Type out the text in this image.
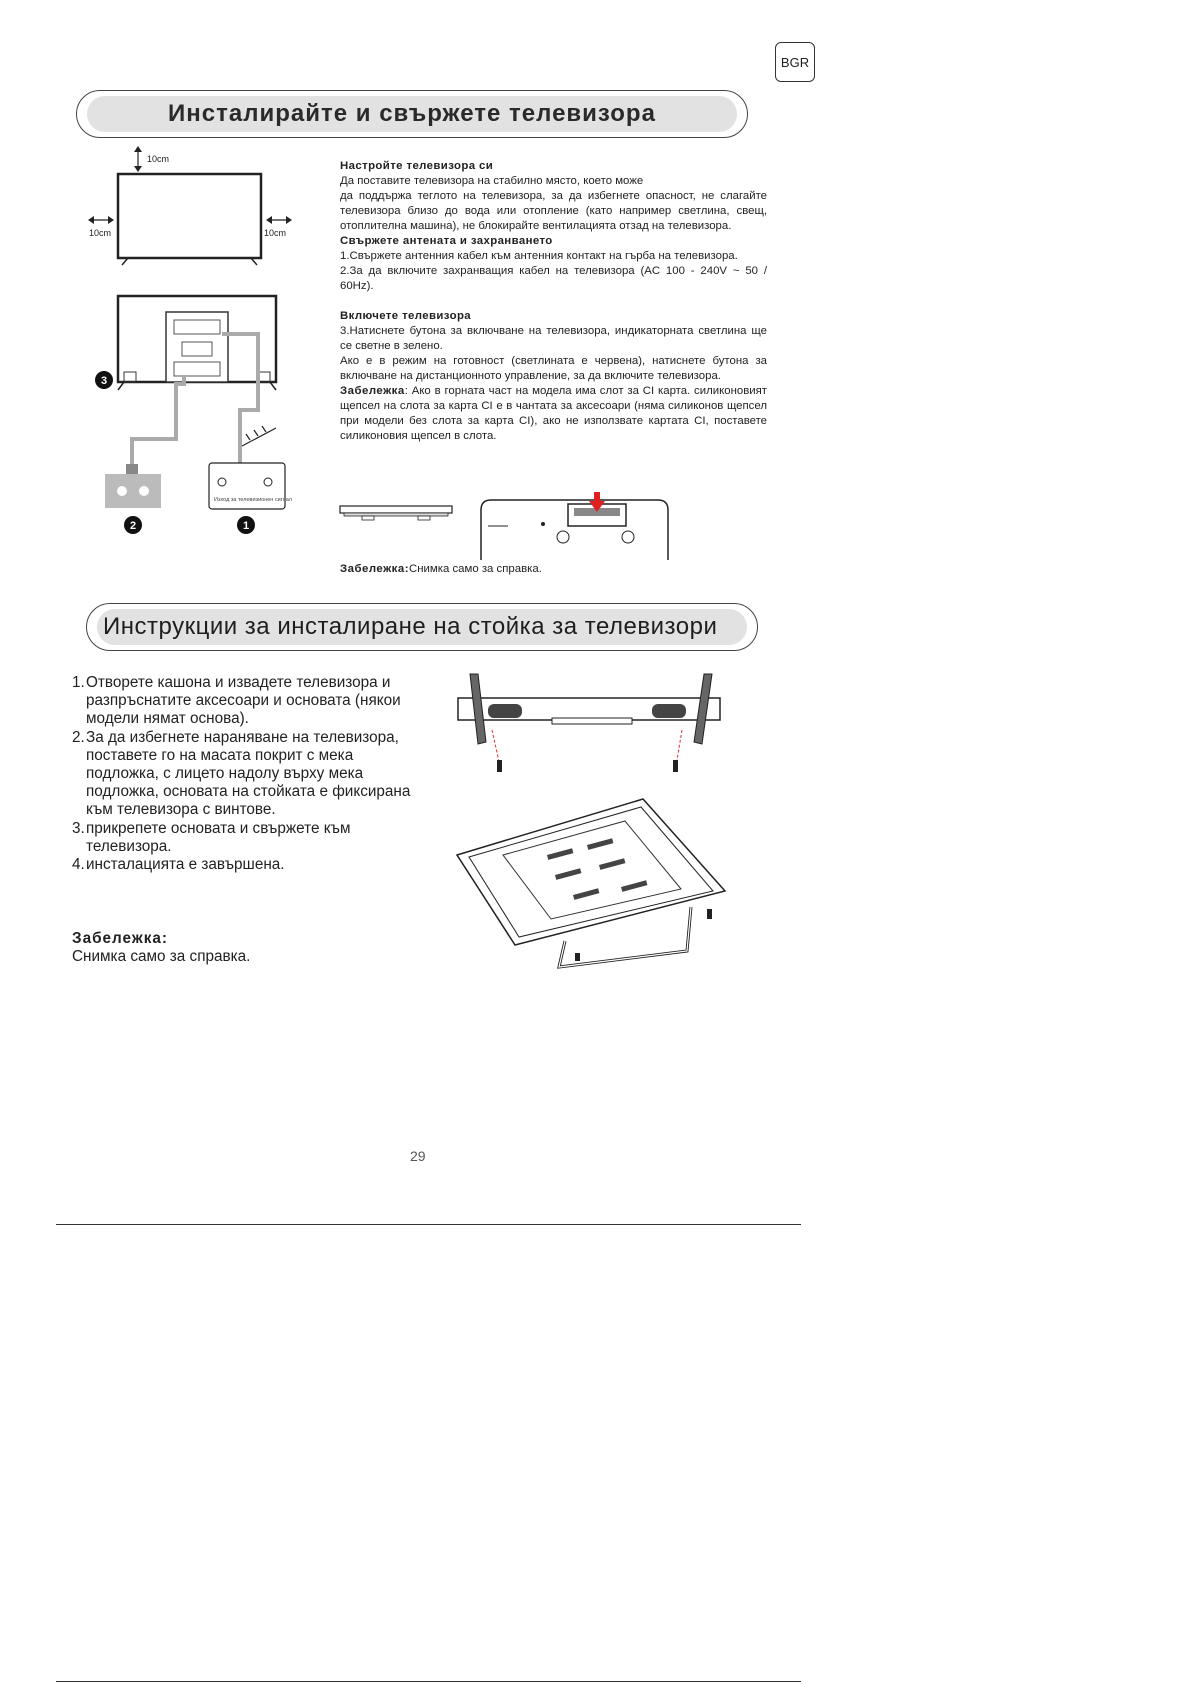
BGR
Инсталирайте и свържете телевизора
10cm
10cm	10cm
3
Изход за телевизионен сигнал
2	1

Настройте телевизора си

Да поставите телевизора на стабилно място, което може

да поддържа теглото на телевизора, за да избегнете опасност, не слагайте телевизора близо до вода или отопление (като например светлина, свещ, отоплителна машина), не блокирайте вентилацията отзад на телевизора.

Свържете антената и захранването

1.Свържете антенния кабел към антенния контакт на гърба на телевизора.

2.За да включите захранващия кабел на телевизора (AC 100 - 240V ~ 50 / 60Hz).

Включете телевизора

3.Натиснете бутона за включване на телевизора, индикаторната светлина ще се светне в зелено.

Ако е в режим на готовност (светлината е червена), натиснете бутона за включване на дистанционното управление, за да включите телевизора.

Забележка: Ако в горната част на модела има слот за CI карта. силиконовият щепсел на слота за карта CI е в чантата за аксесоари (няма силиконов щепсел при модели без слота за карта CI), ако не използвате картата CI, поставете силиконовия щепсел в слота.

Забележка:Снимка само за справка.
Инструкции за инсталиране на стойка за телевизори
1. Отворете кашона и извадете телевизора и разпръснатите аксесоари и основата (някои модели нямат основа).
2. За да избегнете нараняване на телевизора, поставете го на масата покрит с мека подложка, с лицето надолу върху мека подложка, основата на стойката е фиксирана към телевизора с винтове.
3. прикрепете основата и свържете към телевизора.
4. инсталацията е завършена.
Забележка:
Снимка само за справка.
29
